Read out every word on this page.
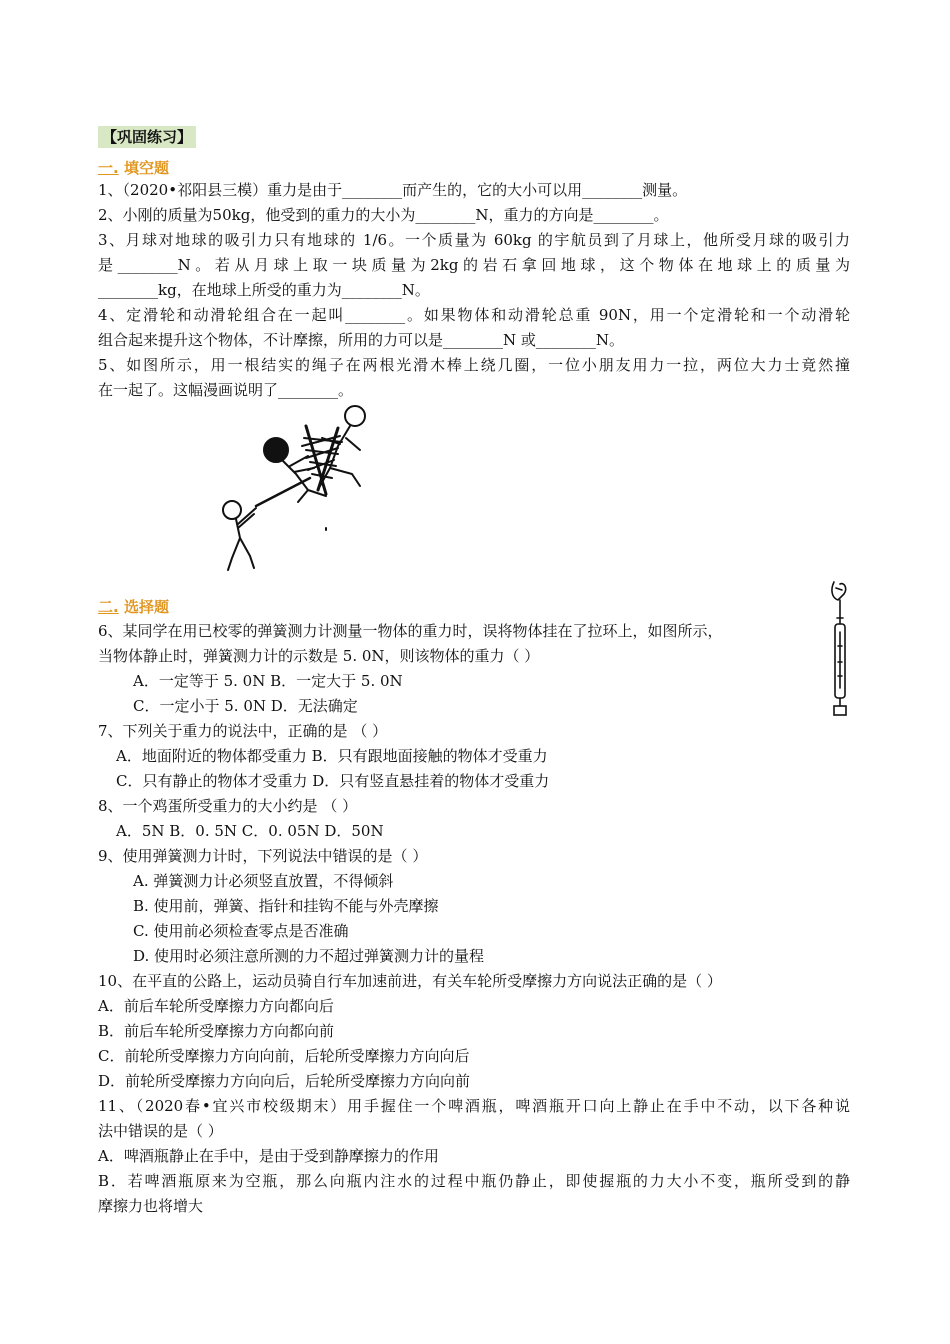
【巩固练习】
一. 填空题
1、（2020•祁阳县三模）重力是由于________而产生的，它的大小可以用________测量。
2、小刚的质量为50kg，他受到的重力的大小为________N，重力的方向是________。
3、月球对地球的吸引力只有地球的 1/6。一个质量为 60kg 的宇航员到了月球上，他所受月球的吸引力
是________N。若从月球上取一块质量为2kg的岩石拿回地球，这个物体在地球上的质量为
________kg，在地球上所受的重力为________N。
4、定滑轮和动滑轮组合在一起叫________。如果物体和动滑轮总重 90N，用一个定滑轮和一个动滑轮
组合起来提升这个物体，不计摩擦，所用的力可以是________N 或________N。
5、如图所示，用一根结实的绳子在两根光滑木棒上绕几圈，一位小朋友用力一拉，两位大力士竟然撞
在一起了。这幅漫画说明了________。
二. 选择题
6、某同学在用已校零的弹簧测力计测量一物体的重力时，误将物体挂在了拉环上，如图所示，
当物体静止时，弹簧测力计的示数是 5. 0N，则该物体的重力（ ）
A．一定等于 5. 0N B．一定大于 5. 0N
C．一定小于 5. 0N D．无法确定
7、下列关于重力的说法中，正确的是 （ ）
A．地面附近的物体都受重力 B．只有跟地面接触的物体才受重力
C．只有静止的物体才受重力 D．只有竖直悬挂着的物体才受重力
8、一个鸡蛋所受重力的大小约是 （ ）
A．5N B．0. 5N C．0. 05N D．50N
9、使用弹簧测力计时，下列说法中错误的是（ ）
A. 弹簧测力计必须竖直放置，不得倾斜
B. 使用前，弹簧、指针和挂钩不能与外壳摩擦
C. 使用前必须检查零点是否准确
D. 使用时必须注意所测的力不超过弹簧测力计的量程
10、在平直的公路上，运动员骑自行车加速前进，有关车轮所受摩擦力方向说法正确的是（ ）
A．前后车轮所受摩擦力方向都向后
B．前后车轮所受摩擦力方向都向前
C．前轮所受摩擦力方向向前，后轮所受摩擦力方向向后
D．前轮所受摩擦力方向向后，后轮所受摩擦力方向向前
11、（2020春•宜兴市校级期末）用手握住一个啤酒瓶，啤酒瓶开口向上静止在手中不动，以下各种说
法中错误的是（ ）
A．啤酒瓶静止在手中，是由于受到静摩擦力的作用
B．若啤酒瓶原来为空瓶，那么向瓶内注水的过程中瓶仍静止，即使握瓶的力大小不变，瓶所受到的静
摩擦力也将增大
